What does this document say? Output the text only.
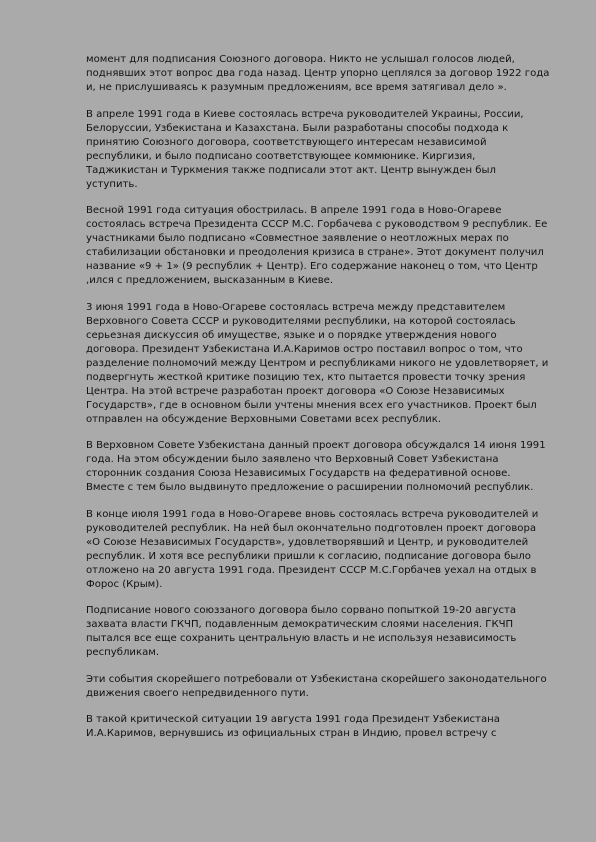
момент для подписания Союзного договора. Никто не услышал голосов людей, поднявших этот вопрос два года назад. Центр упорно цеплялся за договор 1922 года и, не прислушиваясь к разумным предложениям, все время затягивал дело ».

В апреле 1991 года в Киеве состоялась встреча руководителей Украины, России, Белоруссии, Узбекистана и Казахстана. Были разработаны способы подхода к принятию Союзного договора, соответствующего интересам независимой республики, и было подписано соответствующее коммюнике. Киргизия, Таджикистан и Туркмения также подписали этот акт. Центр вынужден был уступить.

Весной 1991 года ситуация обострилась. В апреле 1991 года в Ново-Огареве состоялась встреча Президента СССР М.С. Горбачева с руководством 9 республик. Ее участниками было подписано «Совместное заявление о неотложных мерах по стабилизации обстановки и преодоления кризиса в стране». Этот документ получил название «9 + 1» (9 республик + Центр). Его содержание наконец о том, что Центр ,ился с предложением, высказанным в Киеве.

3 июня 1991 года в Ново-Огареве состоялась встреча между представителем Верховного Совета СССР и руководителями республики, на которой состоялась серьезная дискуссия об имуществе, языке и о порядке утверждения нового договора. Президент Узбекистана И.А.Каримов остро поставил вопрос о том, что разделение полномочий между Центром и республиками никого не удовлетворяет, и подвергнуть жесткой критике позицию тех, кто пытается провести точку зрения Центра. На этой встрече разработан проект договора «О Союзе Независимых Государств», где в основном были учтены мнения всех его участников. Проект был отправлен на обсуждение Верховными Советами всех республик.

В Верховном Совете Узбекистана данный проект договора обсуждался 14 июня 1991 года. На этом обсуждении было заявлено что Верховный Совет Узбекистана сторонник создания Союза Независимых Государств на федеративной основе. Вместе с тем было выдвинуто предложение о расширении полномочий республик.

В конце июля 1991 года в Ново-Огареве вновь состоялась встреча руководителей и руководителей республик. На ней был окончательно подготовлен проект договора «О Союзе Независимых Государств», удовлетворявший и Центр, и руководителей республик. И хотя все республики пришли к согласию, подписание договора было отложено на 20 августа 1991 года. Президент СССР М.С.Горбачев уехал на отдых в Форос (Крым).

Подписание нового союззаного договора было сорвано попыткой 19-20 августа захвата власти ГКЧП, подавленным демократическим слоями населения. ГКЧП пытался все еще сохранить центральную власть и не используя независимость республикам.

Эти события скорейшего потребовали от Узбекистана скорейшего законодательного движения своего непредвиденного пути.

В такой критической ситуации 19 августа 1991 года Президент Узбекистана И.А.Каримов, вернувшись из официальных стран в Индию, провел встречу с
